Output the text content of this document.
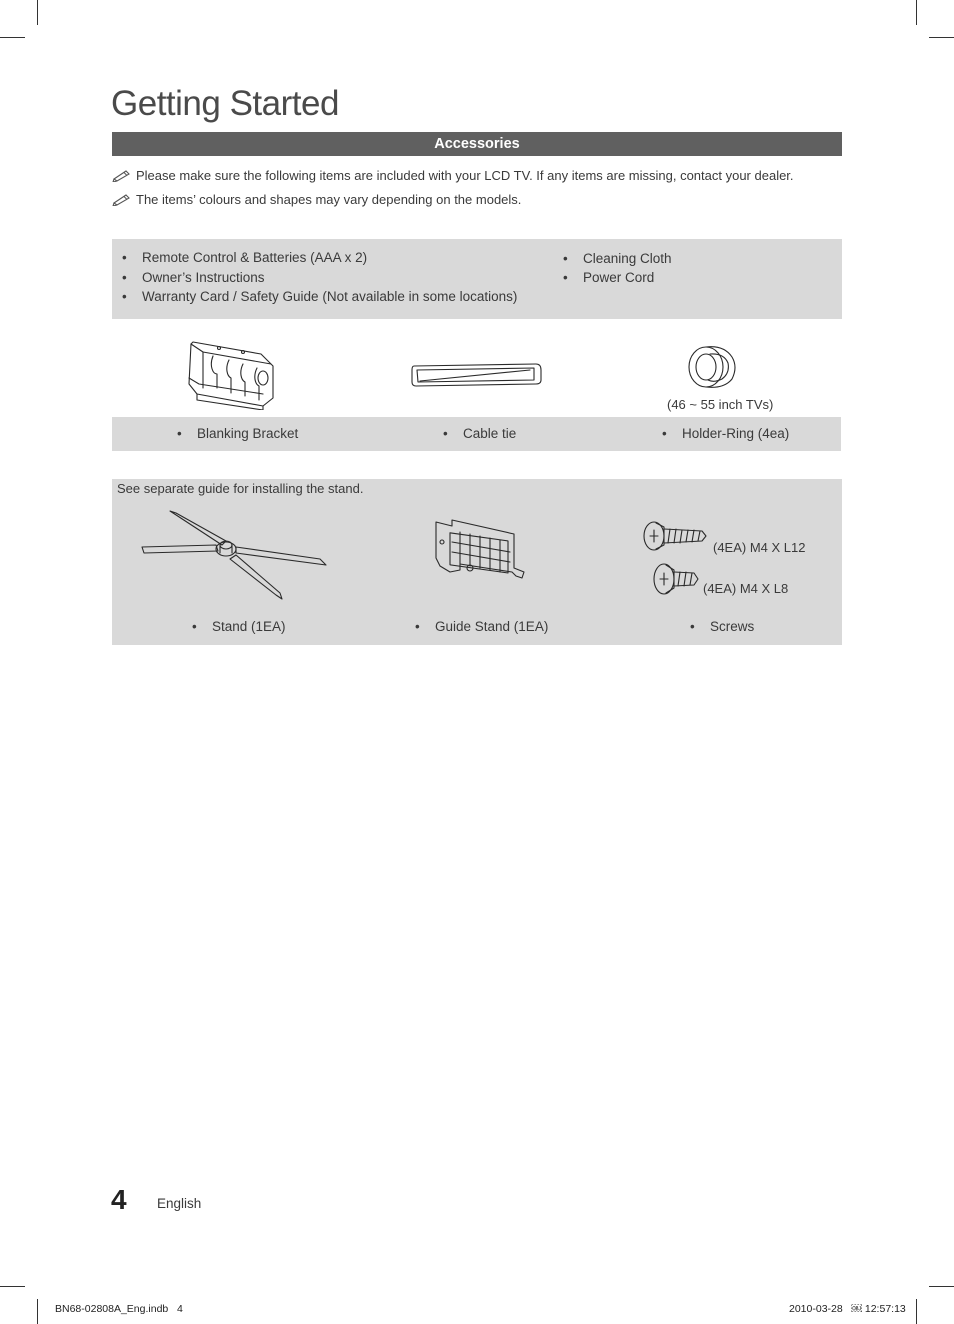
Getting Started
Accessories
Please make sure the following items are included with your LCD TV. If any items are missing, contact your dealer.
The items’ colours and shapes may vary depending on the models.
• Remote Control & Batteries (AAA x 2)
• Owner’s Instructions
• Warranty Card / Safety Guide (Not available in some locations)
• Cleaning Cloth
• Power Cord
(46 ~ 55 inch TVs)
• Blanking Bracket	• Cable tie	• Holder-Ring (4ea)
See separate guide for installing the stand.
(4EA) M4 X L12
(4EA) M4 X L8
• Stand (1EA)	• Guide Stand (1EA)	• Screws
4 English
BN68-02808A_Eng.indb   4	2010-03-28   ￼ 12:57:13
